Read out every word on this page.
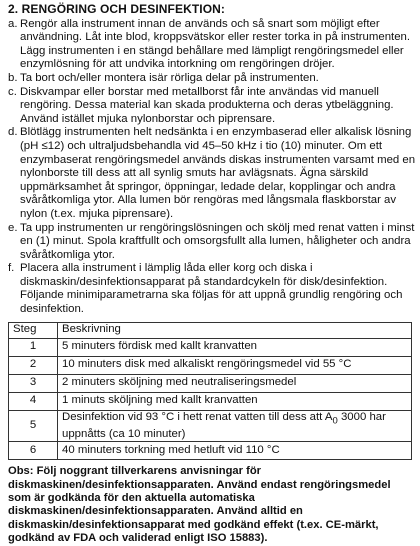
2. RENGÖRING OCH DESINFEKTION:
a. Rengör alla instrument innan de används och så snart som möjligt efter användning. Låt inte blod, kroppsvätskor eller rester torka in på instrumenten. Lägg instrumenten i en stängd behållare med lämpligt rengöringsmedel eller enzymlösning för att undvika intorkning om rengöringen dröjer.
b. Ta bort och/eller montera isär rörliga delar på instrumenten.
c. Diskvampar eller borstar med metallborst får inte användas vid manuell rengöring. Dessa material kan skada produkterna och deras ytbeläggning. Använd istället mjuka nylonborstar och piprensare.
d. Blötlägg instrumenten helt nedsänkta i en enzymbaserad eller alkalisk lösning (pH ≤12) och ultraljudsbehandla vid 45–50 kHz i tio (10) minuter. Om ett enzymbaserat rengöringsmedel används diskas instrumenten varsamt med en nylonborste till dess att all synlig smuts har avlägsnats. Ägna särskild uppmärksamhet åt springor, öppningar, ledade delar, kopplingar och andra svåråtkomliga ytor. Alla lumen bör rengöras med långsmala flaskborstar av nylon (t.ex. mjuka piprensare).
e. Ta upp instrumenten ur rengöringslösningen och skölj med renat vatten i minst en (1) minut. Spola kraftfullt och omsorgsfullt alla lumen, håligheter och andra svåråtkomliga ytor.
f. Placera alla instrument i lämplig låda eller korg och diska i diskmaskin/desinfektionsapparat på standardcykeln för disk/desinfektion. Följande minimiparametrarna ska följas för att uppnå grundlig rengöring och desinfektion.
Steg	Beskrivning
1	5 minuters fördisk med kallt kranvatten
2	10 minuters disk med alkaliskt rengöringsmedel vid 55 °C
3	2 minuters sköljning med neutraliseringsmedel
4	1 minuts sköljning med kallt kranvatten
5	Desinfektion vid 93 °C i hett renat vatten till dess att $A_0$ 3000 har uppnåtts (ca 10 minuter)
6	40 minuters torkning med hetluft vid 110 °C
Obs: Följ noggrant tillverkarens anvisningar för diskmaskinen/desinfektionsapparaten. Använd endast rengöringsmedel som är godkända för den aktuella automatiska diskmaskinen/desinfektionsapparaten. Använd alltid en diskmaskin/desinfektionsapparat med godkänd effekt (t.ex. CE-märkt, godkänd av FDA och validerad enligt ISO 15883).
